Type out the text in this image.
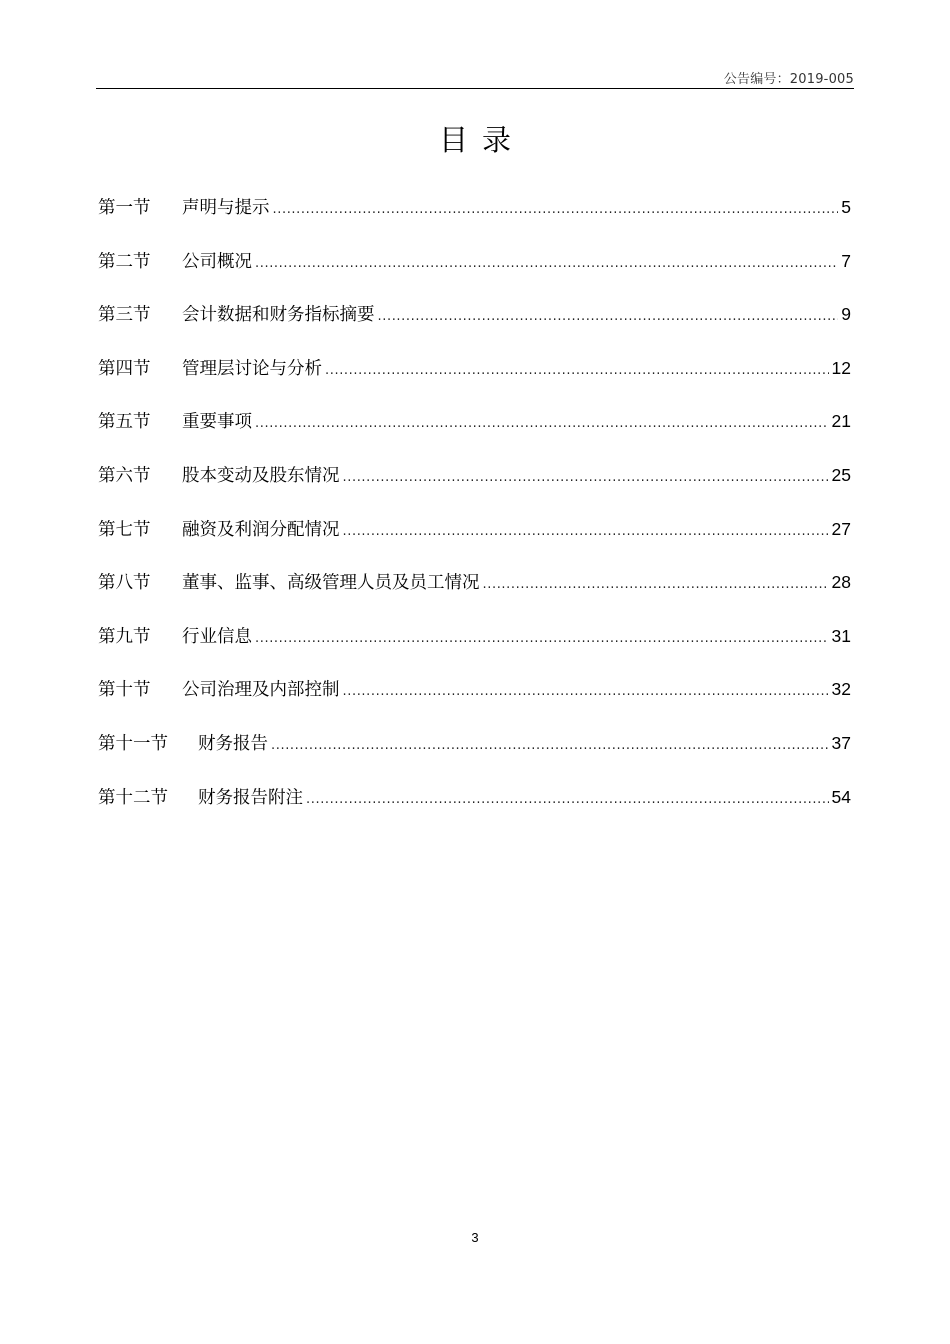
公告编号：2019-005
目录
第一节	声明与提示 .....	5
第二节	公司概况 .....	7
第三节	会计数据和财务指标摘要 .....	9
第四节	管理层讨论与分析 .....	12
第五节	重要事项 .....	21
第六节	股本变动及股东情况 .....	25
第七节	融资及利润分配情况 .....	27
第八节	董事、监事、高级管理人员及员工情况 .....	28
第九节	行业信息 .....	31
第十节	公司治理及内部控制 .....	32
第十一节	财务报告 .....	37
第十二节	财务报告附注 .....	54
3
